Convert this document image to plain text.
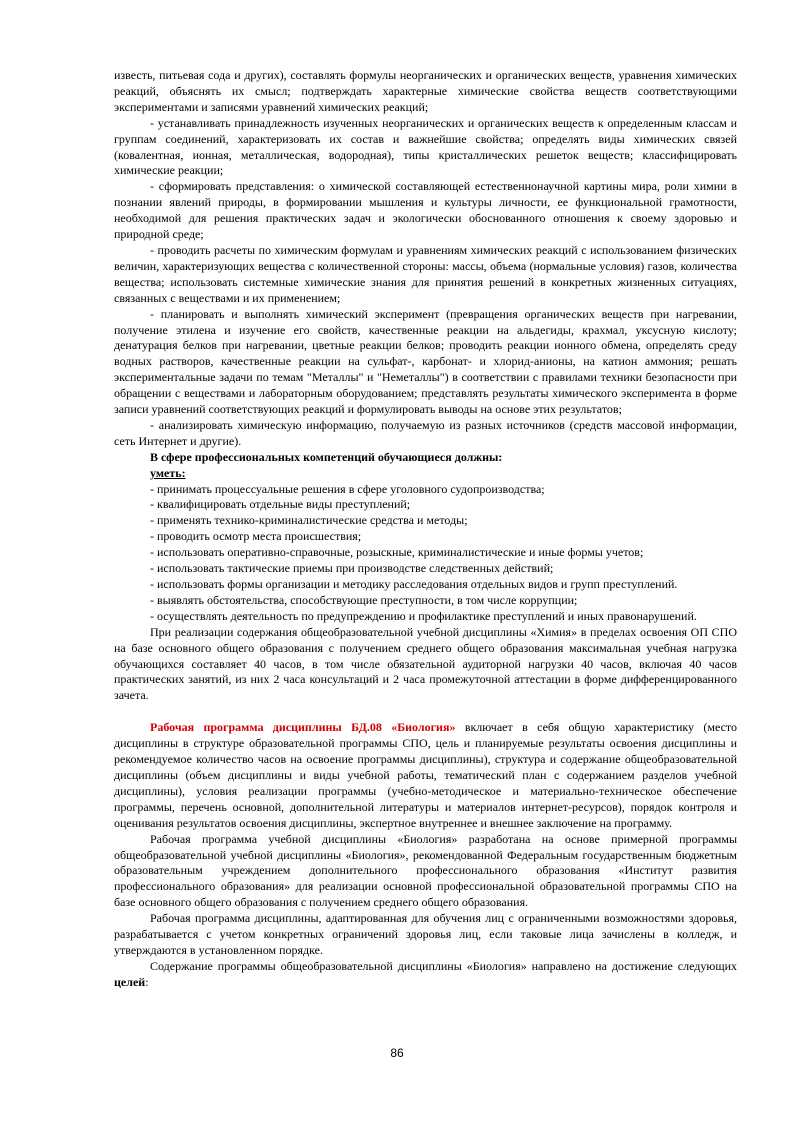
известь, питьевая сода и других), составлять формулы неорганических и органических веществ, уравнения химических реакций, объяснять их смысл; подтверждать характерные химические свойства веществ соответствующими экспериментами и записями уравнений химических реакций;

- устанавливать принадлежность изученных неорганических и органических веществ к определенным классам и группам соединений, характеризовать их состав и важнейшие свойства; определять виды химических связей (ковалентная, ионная, металлическая, водородная), типы кристаллических решеток веществ; классифицировать химические реакции;

- сформировать представления: о химической составляющей естественнонаучной картины мира, роли химии в познании явлений природы, в формировании мышления и культуры личности, ее функциональной грамотности, необходимой для решения практических задач и экологически обоснованного отношения к своему здоровью и природной среде;

- проводить расчеты по химическим формулам и уравнениям химических реакций с использованием физических величин, характеризующих вещества с количественной стороны: массы, объема (нормальные условия) газов, количества вещества; использовать системные химические знания для принятия решений в конкретных жизненных ситуациях, связанных с веществами и их применением;

- планировать и выполнять химический эксперимент (превращения органических веществ при нагревании, получение этилена и изучение его свойств, качественные реакции на альдегиды, крахмал, уксусную кислоту; денатурация белков при нагревании, цветные реакции белков; проводить реакции ионного обмена, определять среду водных растворов, качественные реакции на сульфат-, карбонат- и хлорид-анионы, на катион аммония; решать экспериментальные задачи по темам "Металлы" и "Неметаллы") в соответствии с правилами техники безопасности при обращении с веществами и лабораторным оборудованием; представлять результаты химического эксперимента в форме записи уравнений соответствующих реакций и формулировать выводы на основе этих результатов;

- анализировать химическую информацию, получаемую из разных источников (средств массовой информации, сеть Интернет и другие).

В сфере профессиональных компетенций обучающиеся должны:

уметь:

- принимать процессуальные решения в сфере уголовного судопроизводства;

- квалифицировать отдельные виды преступлений;

- применять технико-криминалистические средства и методы;

- проводить осмотр места происшествия;

- использовать оперативно-справочные, розыскные, криминалистические и иные формы учетов;

- использовать тактические приемы при производстве следственных действий;

- использовать формы организации и методику расследования отдельных видов и групп преступлений.

- выявлять обстоятельства, способствующие преступности, в том числе коррупции;

- осуществлять деятельность по предупреждению и профилактике преступлений и иных правонарушений.

При реализации содержания общеобразовательной учебной дисциплины «Химия» в пределах освоения ОП СПО на базе основного общего образования с получением среднего общего образования максимальная учебная нагрузка обучающихся составляет 40 часов, в том числе обязательной аудиторной нагрузки 40 часов, включая 40 часов практических занятий, из них 2 часа консультаций и 2 часа промежуточной аттестации в форме дифференцированного зачета.

Рабочая программа дисциплины БД.08 «Биология» включает в себя общую характеристику (место дисциплины в структуре образовательной программы СПО, цель и планируемые результаты освоения дисциплины и рекомендуемое количество часов на освоение программы дисциплины), структура и содержание общеобразовательной дисциплины (объем дисциплины и виды учебной работы, тематический план с содержанием разделов учебной дисциплины), условия реализации программы (учебно-методическое и материально-техническое обеспечение программы, перечень основной, дополнительной литературы и материалов интернет-ресурсов), порядок контроля и оценивания результатов освоения дисциплины, экспертное внутреннее и внешнее заключение на программу.

Рабочая программа учебной дисциплины «Биология» разработана на основе примерной программы общеобразовательной учебной дисциплины «Биология», рекомендованной Федеральным государственным бюджетным образовательным учреждением дополнительного профессионального образования «Институт развития профессионального образования» для реализации основной профессиональной образовательной программы СПО на базе основного общего образования с получением среднего общего образования.

Рабочая программа дисциплины, адаптированная для обучения лиц с ограниченными возможностями здоровья, разрабатывается с учетом конкретных ограничений здоровья лиц, если таковые лица зачислены в колледж, и утверждаются в установленном порядке.

Содержание программы общеобразовательной дисциплины «Биология» направлено на достижение следующих целей:

86
